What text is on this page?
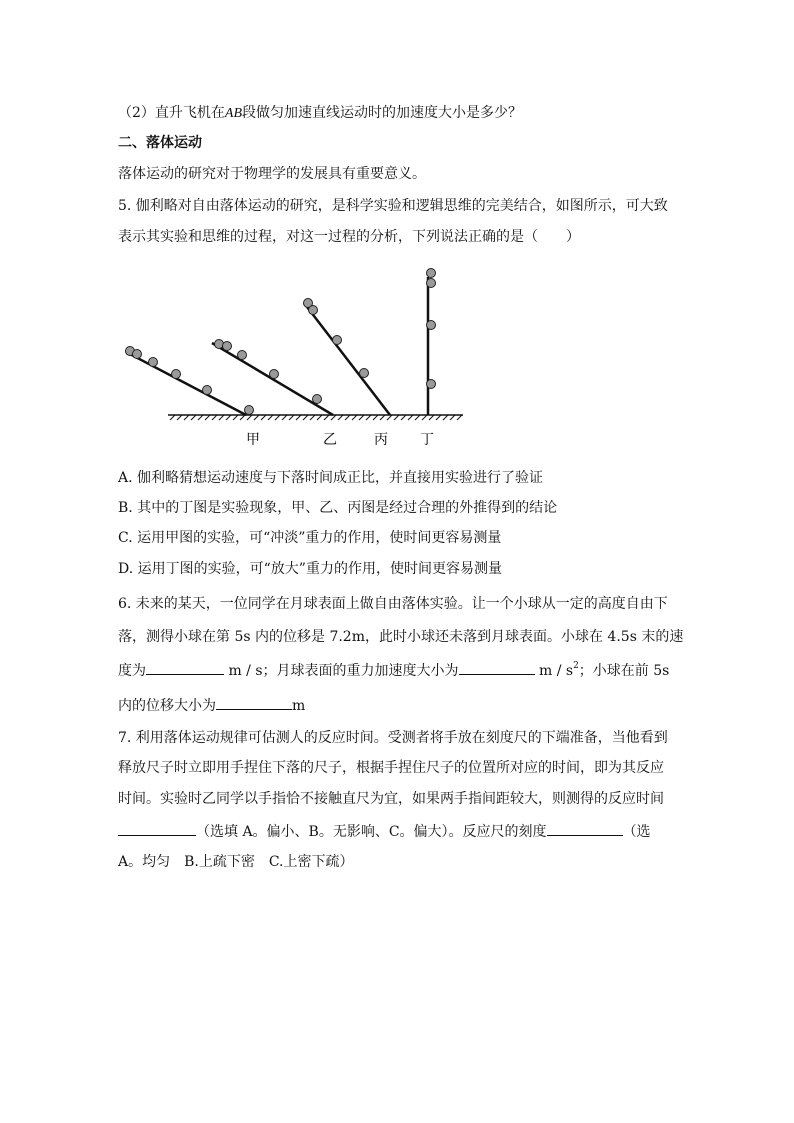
（2）直升飞机在AB段做匀加速直线运动时的加速度大小是多少？
二、落体运动
落体运动的研究对于物理学的发展具有重要意义。
5. 伽利略对自由落体运动的研究，是科学实验和逻辑思维的完美结合，如图所示，可大致
表示其实验和思维的过程，对这一过程的分析，下列说法正确的是（　　）
甲	乙	丙 丁
A. 伽利略猜想运动速度与下落时间成正比，并直接用实验进行了验证
B. 其中的丁图是实验现象，甲、乙、丙图是经过合理的外推得到的结论
C. 运用甲图的实验，可“冲淡”重力的作用，使时间更容易测量
D. 运用丁图的实验，可“放大”重力的作用，使时间更容易测量
6. 未来的某天，一位同学在月球表面上做自由落体实验。让一个小球从一定的高度自由下
落，测得小球在第 5s 内的位移是 7.2m，此时小球还未落到月球表面。小球在 4.5s 末的速
度为	m / s；月球表面的重力加速度大小为	m / $s^2$；小球在前 5s
内的位移大小为	m
7. 利用落体运动规律可估测人的反应时间。受测者将手放在刻度尺的下端准备，当他看到
释放尺子时立即用手捏住下落的尺子，根据手捏住尺子的位置所对应的时间，即为其反应
时间。实验时乙同学以手指恰不接触直尺为宜，如果两手指间距较大，则测得的反应时间
（选填 A。偏小、B。无影响、C。偏大）。反应尺的刻度	（选
A。均匀　B.上疏下密　C.上密下疏）
